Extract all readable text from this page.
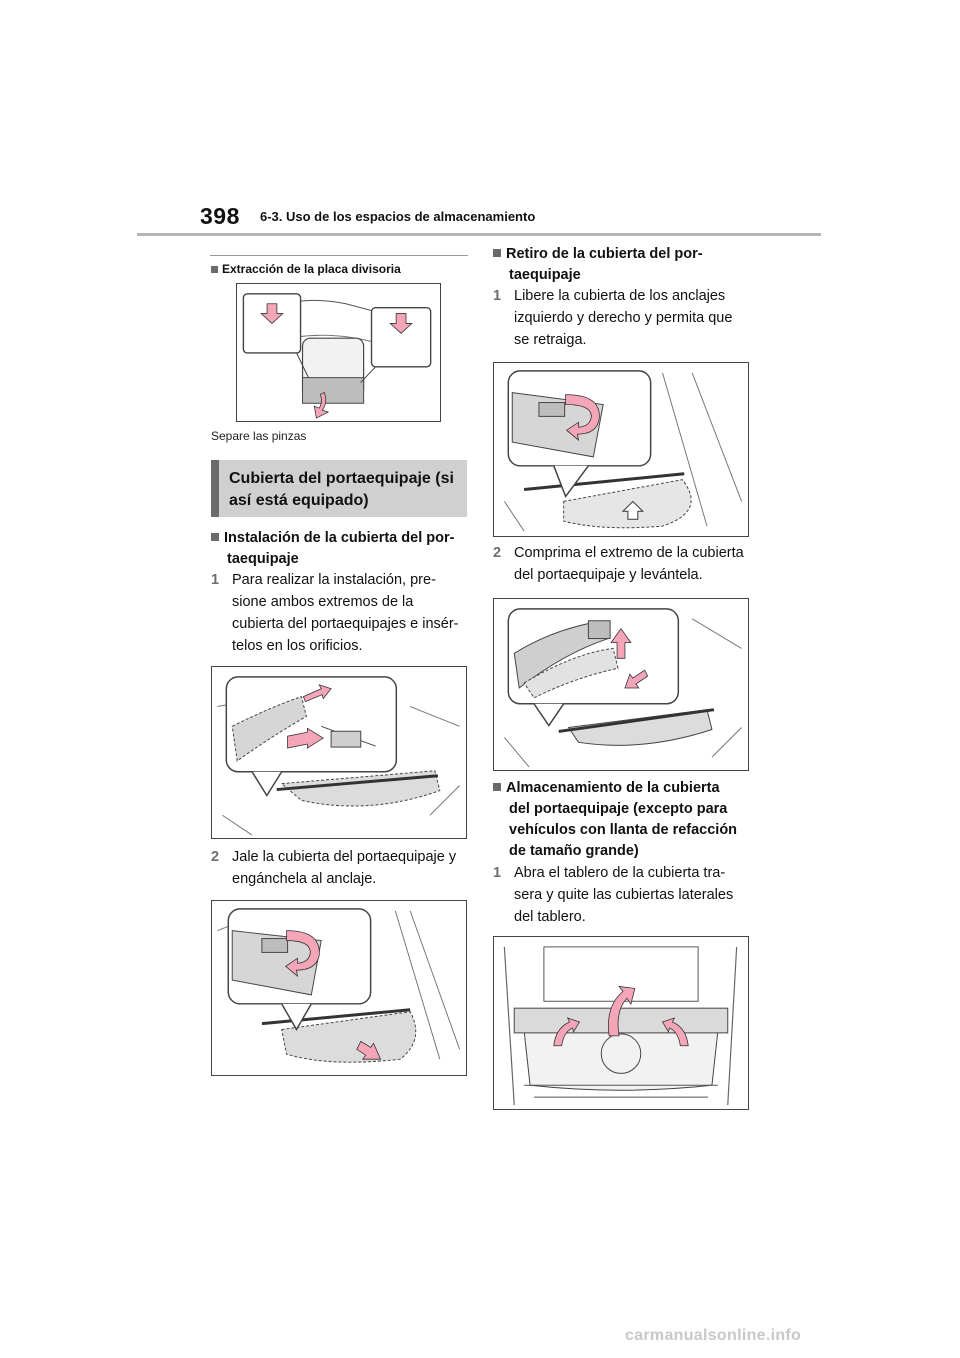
398 6-3. Uso de los espacios de almacenamiento
Extracción de la placa divisoria
Separe las pinzas
Cubierta del portaequipaje (si
así está equipado)
Instalación de la cubierta del por-
taequipaje
1 Para realizar la instalación, pre-
sione ambos extremos de la
cubierta del portaequipajes e insér-
telos en los orificios.
2 Jale la cubierta del portaequipaje y
engánchela al anclaje.
Retiro de la cubierta del por-
taequipaje
1 Libere la cubierta de los anclajes
izquierdo y derecho y permita que
se retraiga.
2 Comprima el extremo de la cubierta
del portaequipaje y levántela.
Almacenamiento de la cubierta
del portaequipaje (excepto para
vehículos con llanta de refacción
de tamaño grande)
1 Abra el tablero de la cubierta tra-
sera y quite las cubiertas laterales
del tablero.
carmanualsonline.info
